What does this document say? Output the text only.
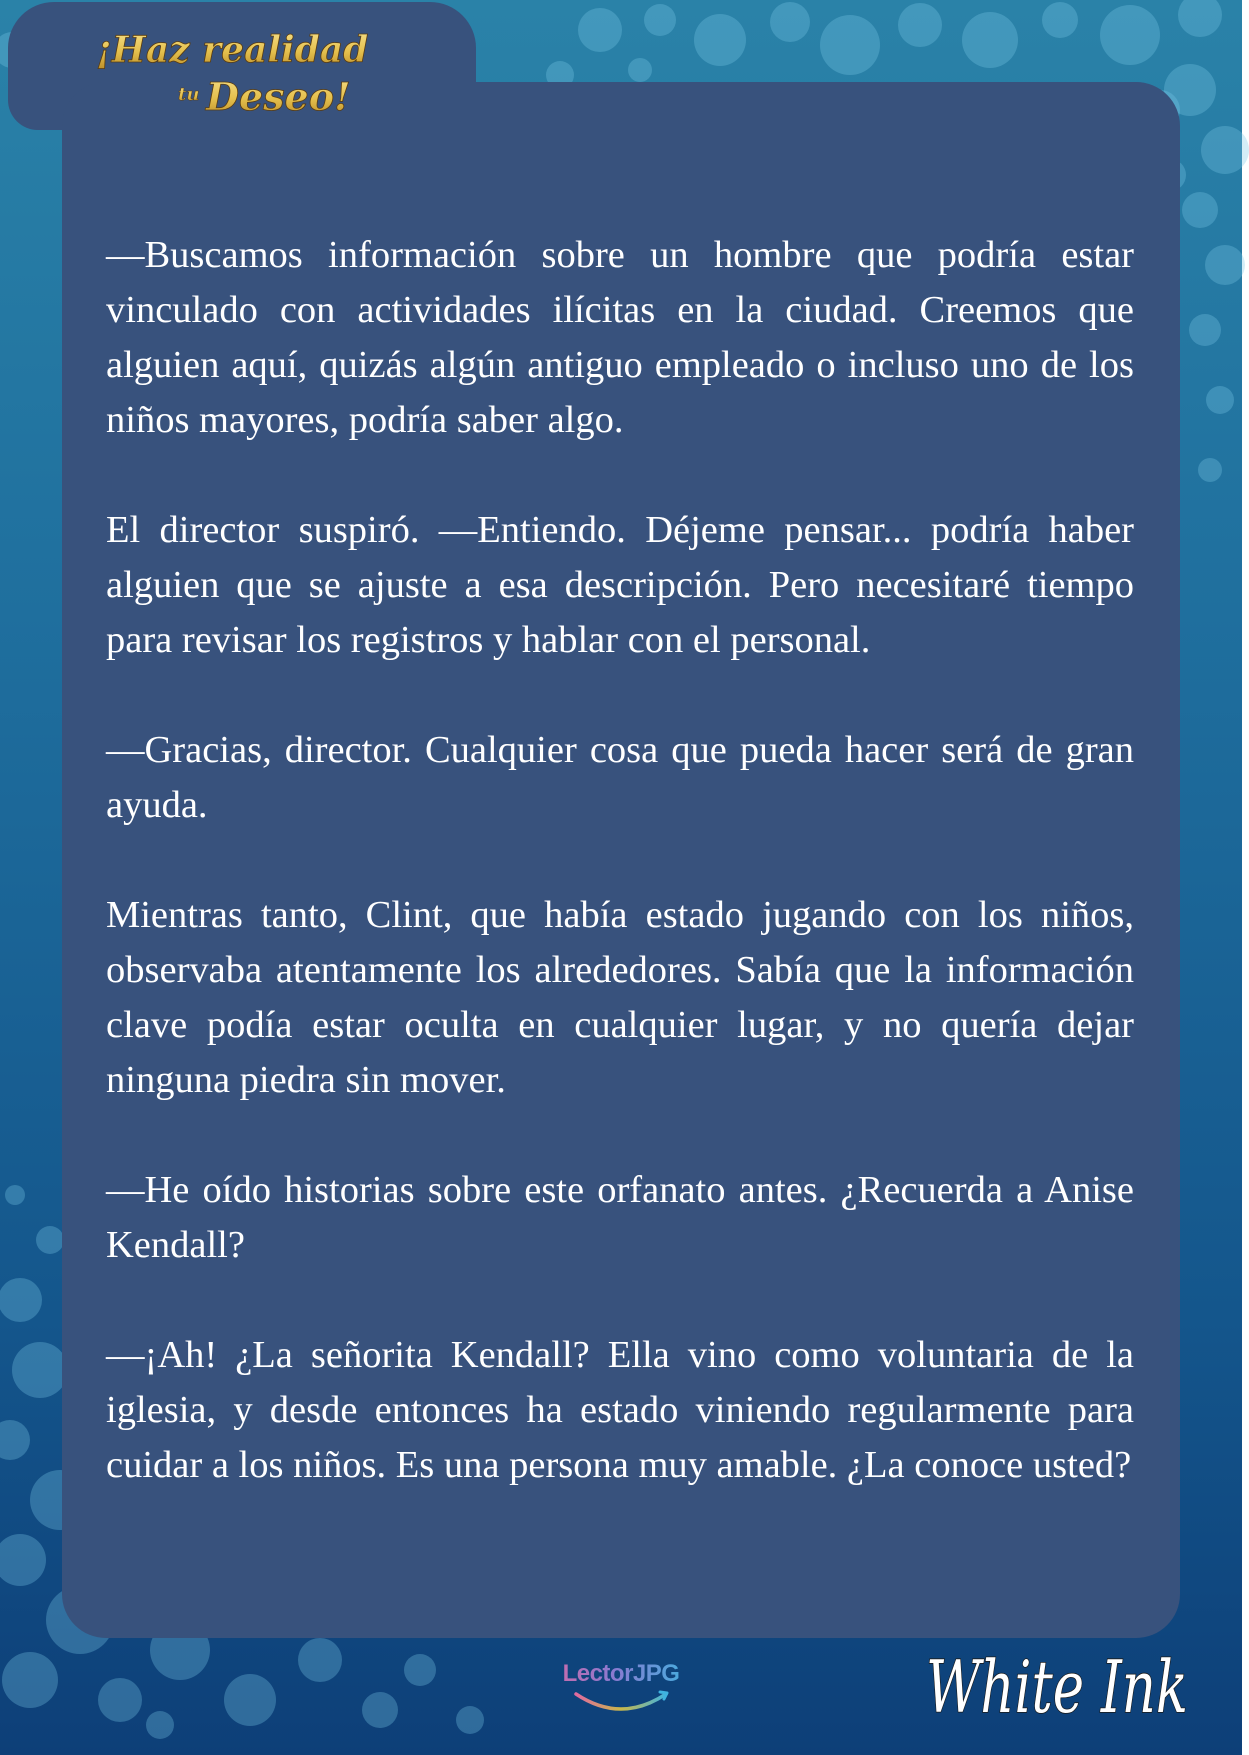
¡Haz realidad
tu Deseo!

—Buscamos información sobre un hombre que podría estar vinculado con actividades ilícitas en la ciudad. Creemos que alguien aquí, quizás algún antiguo empleado o incluso uno de los niños mayores, podría saber algo.

El director suspiró. —Entiendo. Déjeme pensar... podría haber alguien que se ajuste a esa descripción. Pero necesitaré tiempo para revisar los registros y hablar con el personal.

—Gracias, director. Cualquier cosa que pueda hacer será de gran ayuda.

Mientras tanto, Clint, que había estado jugando con los niños, observaba atentamente los alrededores. Sabía que la información clave podía estar oculta en cualquier lugar, y no quería dejar ninguna piedra sin mover.

—He oído historias sobre este orfanato antes. ¿Recuerda a Anise Kendall?

—¡Ah! ¿La señorita Kendall? Ella vino como voluntaria de la iglesia, y desde entonces ha estado viniendo regularmente para cuidar a los niños. Es una persona muy amable. ¿La conoce usted?

LectorJPG	White Ink
